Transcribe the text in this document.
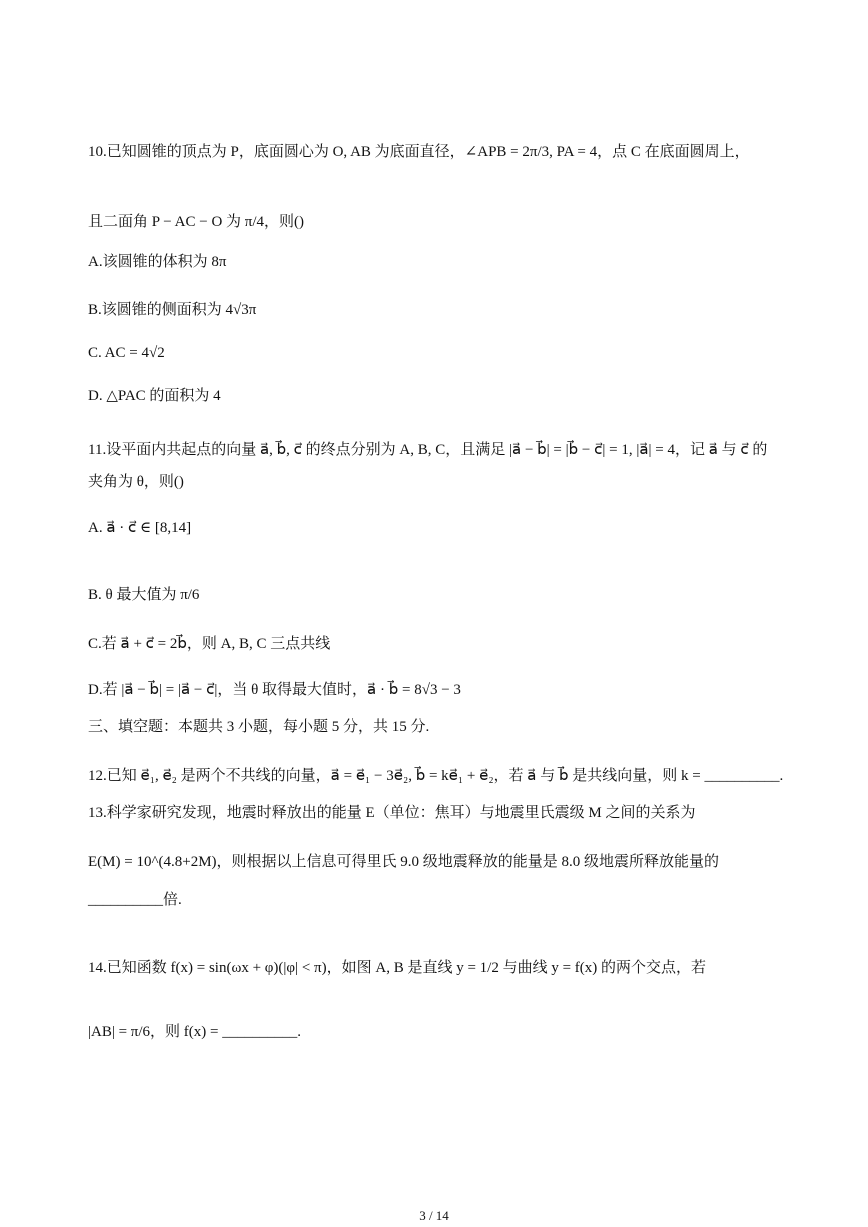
10.已知圆锥的顶点为 P，底面圆心为 O, AB 为底面直径，∠APB = 2π/3, PA = 4，点 C 在底面圆周上，
且二面角 P − AC − O 为 π/4，则()
A.该圆锥的体积为 8π
B.该圆锥的侧面积为 4√3π
C. AC = 4√2
D. △PAC 的面积为 4
11.设平面内共起点的向量 a⃗, b⃗, c⃗ 的终点分别为 A, B, C，且满足 |a⃗ − b⃗| = |b⃗ − c⃗| = 1, |a⃗| = 4，记 a⃗ 与 c⃗ 的
夹角为 θ，则()
A. a⃗ · c⃗ ∈ [8,14]
B. θ 最大值为 π/6
C.若 a⃗ + c⃗ = 2b⃗，则 A, B, C 三点共线
D.若 |a⃗ − b⃗| = |a⃗ − c⃗|，当 θ 取得最大值时，a⃗ · b⃗ = 8√3 − 3
三、填空题：本题共 3 小题，每小题 5 分，共 15 分.
12.已知 e⃗₁, e⃗₂ 是两个不共线的向量，a⃗ = e⃗₁ − 3e⃗₂, b⃗ = ke⃗₁ + e⃗₂，若 a⃗ 与 b⃗ 是共线向量，则 k = __________.
13.科学家研究发现，地震时释放出的能量 E（单位：焦耳）与地震里氏震级 M 之间的关系为
E(M) = 10^(4.8+2M)，则根据以上信息可得里氏 9.0 级地震释放的能量是 8.0 级地震所释放能量的
__________倍.
14.已知函数 f(x) = sin(ωx + φ)(|φ| < π)，如图 A, B 是直线 y = 1/2 与曲线 y = f(x) 的两个交点，若
|AB| = π/6，则 f(x) = __________.
3 / 14
